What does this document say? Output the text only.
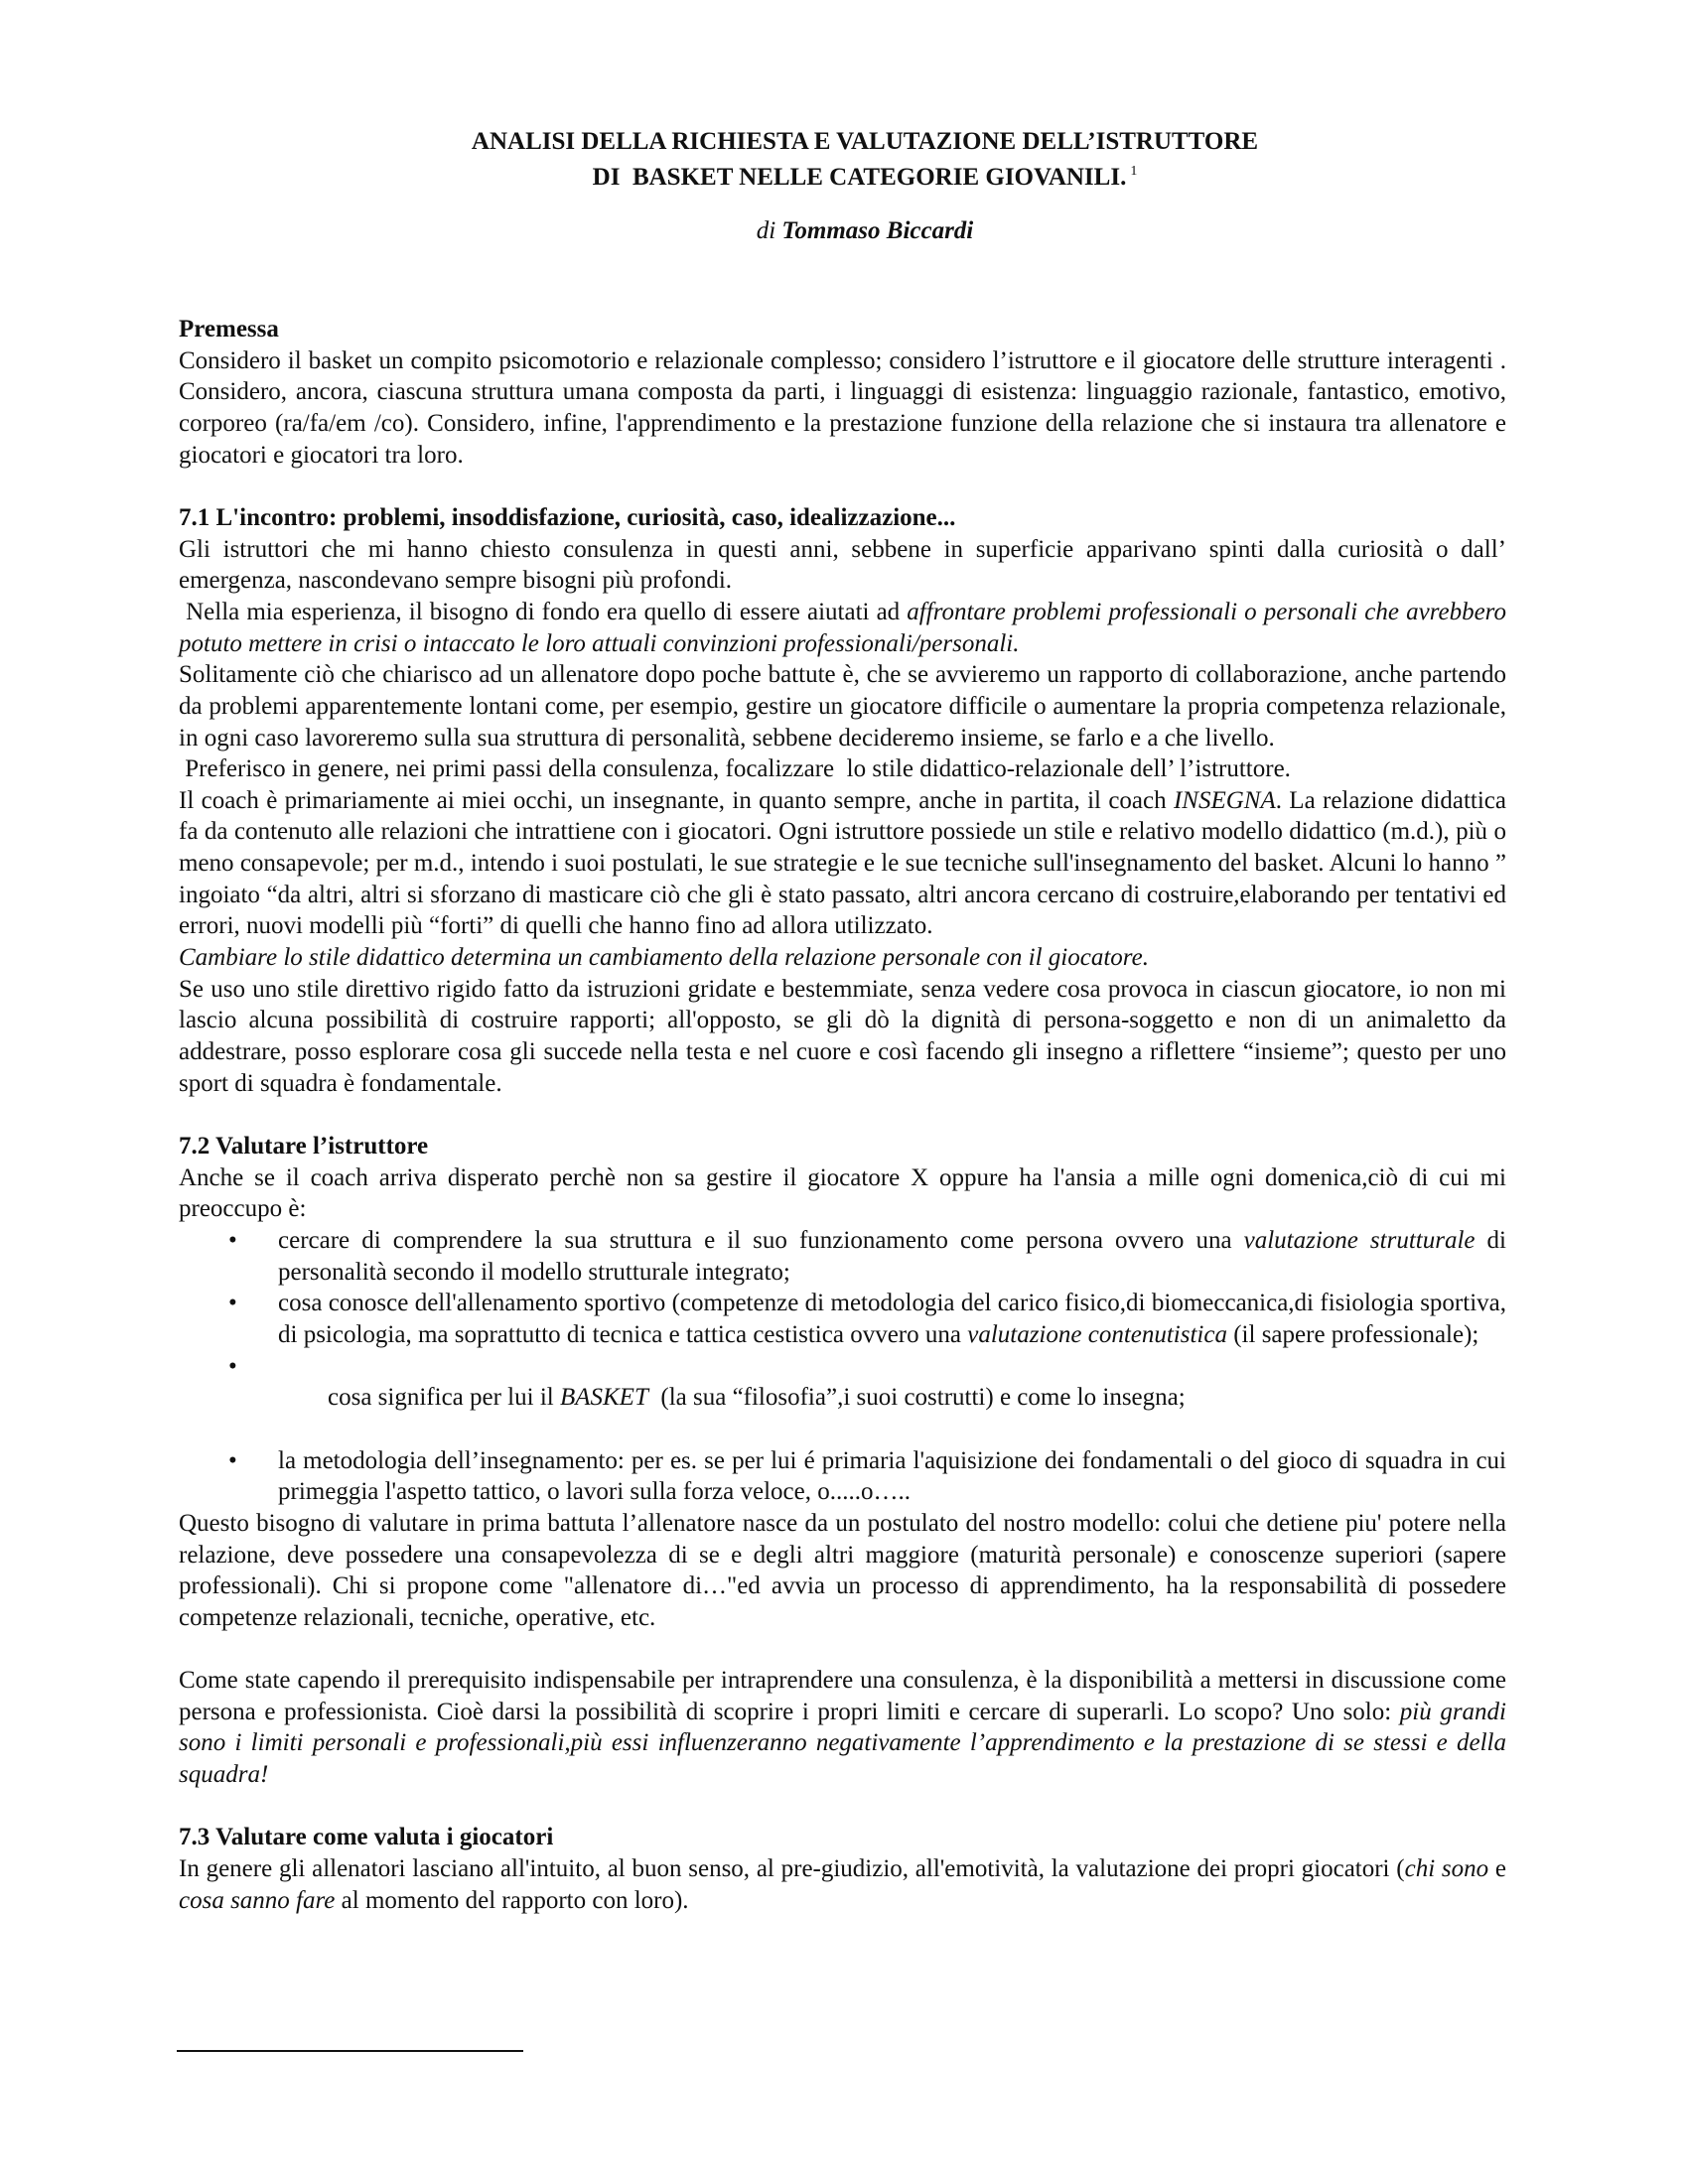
ANALISI DELLA RICHIESTA E VALUTAZIONE DELL’ISTRUTTORE
DI  BASKET NELLE CATEGORIE GIOVANILI. $^1$
di Tommaso Biccardi
Premessa

Considero il basket un compito psicomotorio e relazionale complesso; considero l’istruttore e il giocatore delle strutture interagenti . Considero, ancora, ciascuna struttura umana composta da parti, i linguaggi di esistenza: linguaggio razionale, fantastico, emotivo, corporeo (ra/fa/em /co). Considero, infine, l'apprendimento e la prestazione funzione della relazione che si instaura tra allenatore e giocatori e giocatori tra loro.

7.1 L'incontro: problemi, insoddisfazione, curiosità, caso, idealizzazione...

Gli istruttori che mi hanno chiesto consulenza in questi anni, sebbene in superficie apparivano spinti dalla curiosità o dall’ emergenza, nascondevano sempre bisogni più profondi.

Nella mia esperienza, il bisogno di fondo era quello di essere aiutati ad affrontare problemi professionali o personali che avrebbero potuto mettere in crisi o intaccato le loro attuali convinzioni professionali/personali.

Solitamente ciò che chiarisco ad un allenatore dopo poche battute è, che se avvieremo un rapporto di collaborazione, anche partendo da problemi apparentemente lontani come, per esempio, gestire un giocatore difficile o aumentare la propria competenza relazionale, in ogni caso lavoreremo sulla sua struttura di personalità, sebbene decideremo insieme, se farlo e a che livello.

Preferisco in genere, nei primi passi della consulenza, focalizzare  lo stile didattico-relazionale dell’ l’istruttore.

Il coach è primariamente ai miei occhi, un insegnante, in quanto sempre, anche in partita, il coach INSEGNA. La relazione didattica fa da contenuto alle relazioni che intrattiene con i giocatori. Ogni istruttore possiede un stile e relativo modello didattico (m.d.), più o meno consapevole; per m.d., intendo i suoi postulati, le sue strategie e le sue tecniche sull'insegnamento del basket. Alcuni lo hanno ” ingoiato “da altri, altri si sforzano di masticare ciò che gli è stato passato, altri ancora cercano di costruire,elaborando per tentativi ed errori, nuovi modelli più “forti” di quelli che hanno fino ad allora utilizzato.

Cambiare lo stile didattico determina un cambiamento della relazione personale con il giocatore.

Se uso uno stile direttivo rigido fatto da istruzioni gridate e bestemmiate, senza vedere cosa provoca in ciascun giocatore, io non mi lascio alcuna possibilità di costruire rapporti; all'opposto, se gli dò la dignità di persona-soggetto e non di un animaletto da addestrare, posso esplorare cosa gli succede nella testa e nel cuore e così facendo gli insegno a riflettere “insieme”; questo per uno sport di squadra è fondamentale.

7.2 Valutare l’istruttore

Anche se il coach arriva disperato perchè non sa gestire il giocatore X oppure ha l'ansia a mille ogni domenica,ciò di cui mi preoccupo è:

• cercare di comprendere la sua struttura e il suo funzionamento come persona ovvero una valutazione strutturale di personalità secondo il modello strutturale integrato;
• cosa conosce dell'allenamento sportivo (competenze di metodologia del carico fisico,di biomeccanica,di fisiologia sportiva, di psicologia, ma soprattutto di tecnica e tattica cestistica ovvero una valutazione contenutistica (il sapere professionale);

•
cosa significa per lui il BASKET  (la sua “filosofia”,i suoi costrutti) e come lo insegna;

• la metodologia dell’insegnamento: per es. se per lui é primaria l'aquisizione dei fondamentali o del gioco di squadra in cui primeggia l'aspetto tattico, o lavori sulla forza veloce, o.....o…..

Questo bisogno di valutare in prima battuta l’allenatore nasce da un postulato del nostro modello: colui che detiene piu' potere nella relazione, deve possedere una consapevolezza di se e degli altri maggiore (maturità personale) e conoscenze superiori (sapere professionali). Chi si propone come "allenatore di…"ed avvia un processo di apprendimento, ha la responsabilità di possedere competenze relazionali, tecniche, operative, etc.

Come state capendo il prerequisito indispensabile per intraprendere una consulenza, è la disponibilità a mettersi in discussione come persona e professionista. Cioè darsi la possibilità di scoprire i propri limiti e cercare di superarli. Lo scopo? Uno solo: più grandi sono i limiti personali e professionali,più essi influenzeranno negativamente l’apprendimento e la prestazione di se stessi e della squadra!

7.3 Valutare come valuta i giocatori

In genere gli allenatori lasciano all'intuito, al buon senso, al pre-giudizio, all'emotività, la valutazione dei propri giocatori (chi sono e cosa sanno fare al momento del rapporto con loro).
